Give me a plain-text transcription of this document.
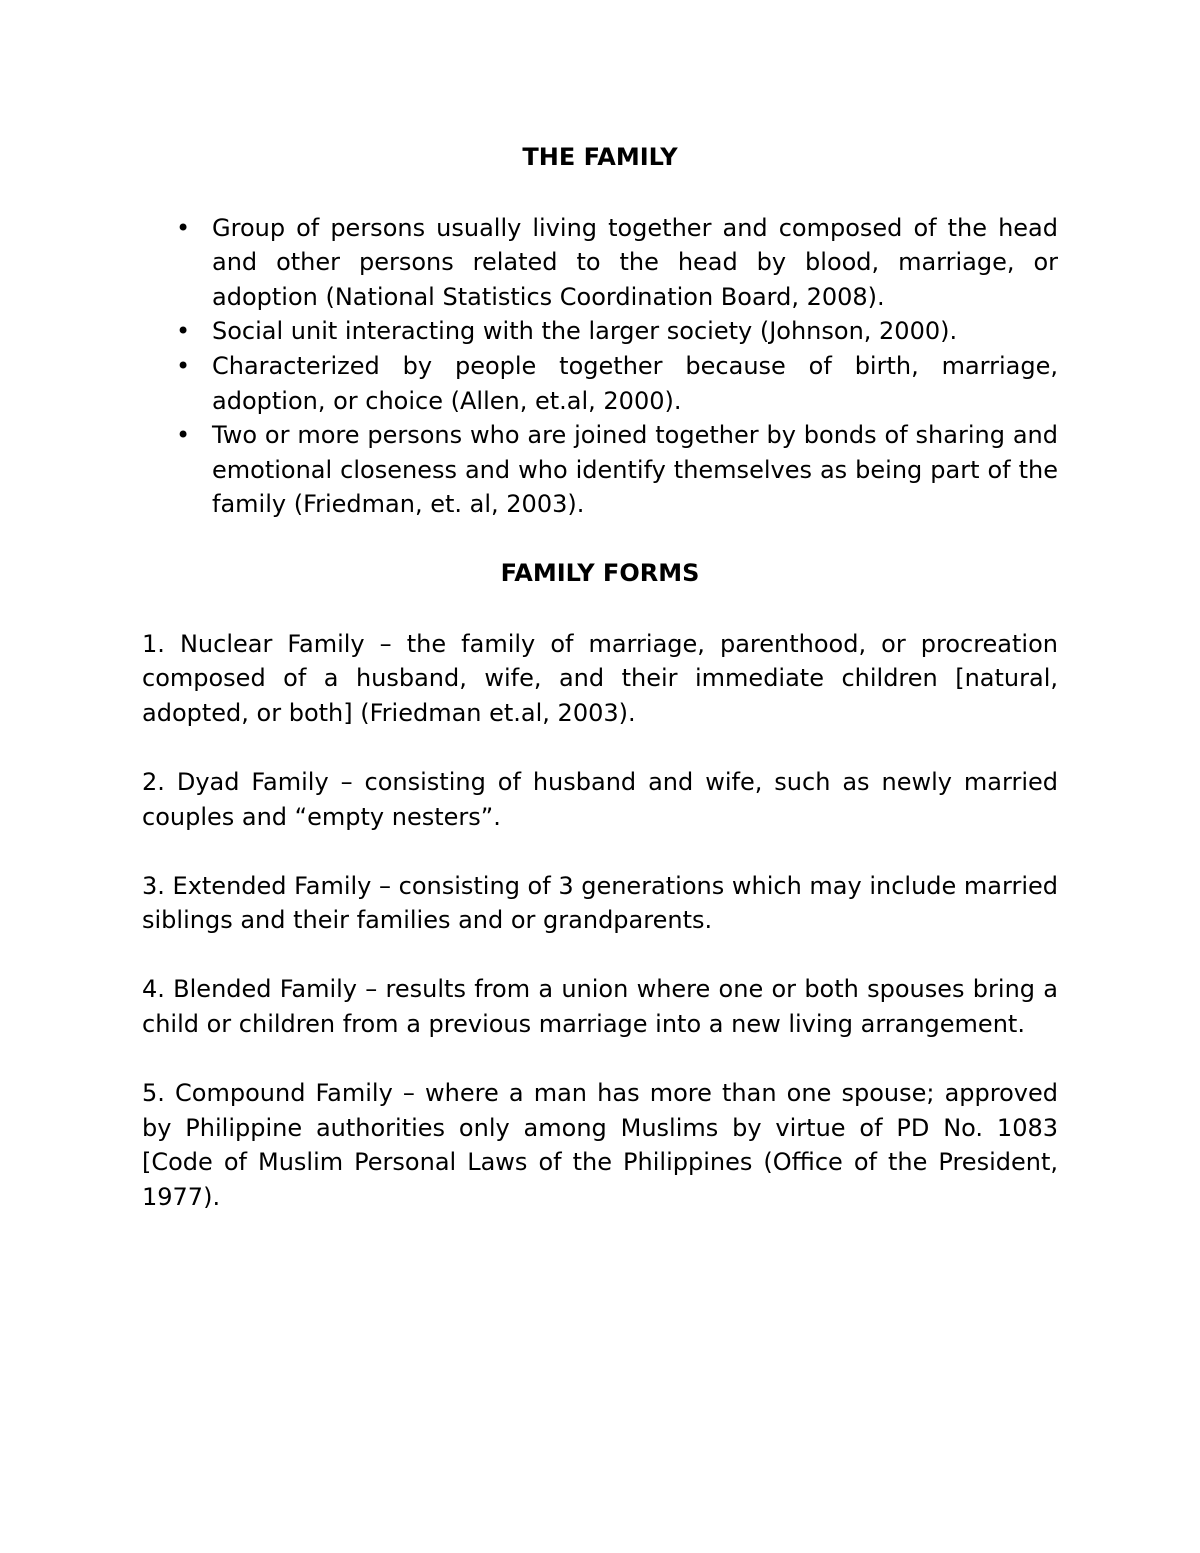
THE FAMILY

• Group of persons usually living together and composed of the head and other persons related to the head by blood, marriage, or adoption (National Statistics Coordination Board, 2008).
• Social unit interacting with the larger society (Johnson, 2000).
• Characterized by people together because of birth, marriage, adoption, or choice (Allen, et.al, 2000).
• Two or more persons who are joined together by bonds of sharing and emotional closeness and who identify themselves as being part of the family (Friedman, et. al, 2003).

FAMILY FORMS

1. Nuclear Family – the family of marriage, parenthood, or procreation composed of a husband, wife, and their immediate children [natural, adopted, or both] (Friedman et.al, 2003).

2. Dyad Family – consisting of husband and wife, such as newly married couples and “empty nesters”.

3. Extended Family – consisting of 3 generations which may include married siblings and their families and or grandparents.

4. Blended Family – results from a union where one or both spouses bring a child or children from a previous marriage into a new living arrangement.

5. Compound Family – where a man has more than one spouse; approved by Philippine authorities only among Muslims by virtue of PD No. 1083 [Code of Muslim Personal Laws of the Philippines (Office of the President, 1977).
